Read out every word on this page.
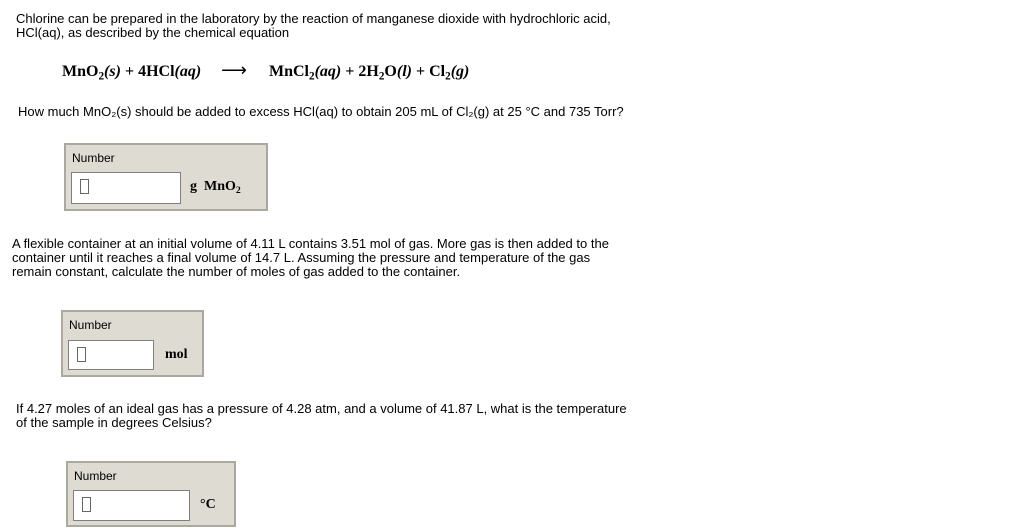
Chlorine can be prepared in the laboratory by the reaction of manganese dioxide with hydrochloric acid,
HCl(aq), as described by the chemical equation
MnO$_2$(s) + 4HCl(aq) ⟶ MnCl$_2$(aq) + $2H_2O(l) + Cl_2(g)$
How much MnO₂(s) should be added to excess HCl(aq) to obtain 205 mL of Cl₂(g) at 25 °C and 735 Torr?
Number
g MnO$_2$
A flexible container at an initial volume of 4.11 L contains 3.51 mol of gas. More gas is then added to the
container until it reaches a final volume of 14.7 L. Assuming the pressure and temperature of the gas
remain constant, calculate the number of moles of gas added to the container.
Number
mol
If 4.27 moles of an ideal gas has a pressure of 4.28 atm, and a volume of 41.87 L, what is the temperature
of the sample in degrees Celsius?
Number
°C
